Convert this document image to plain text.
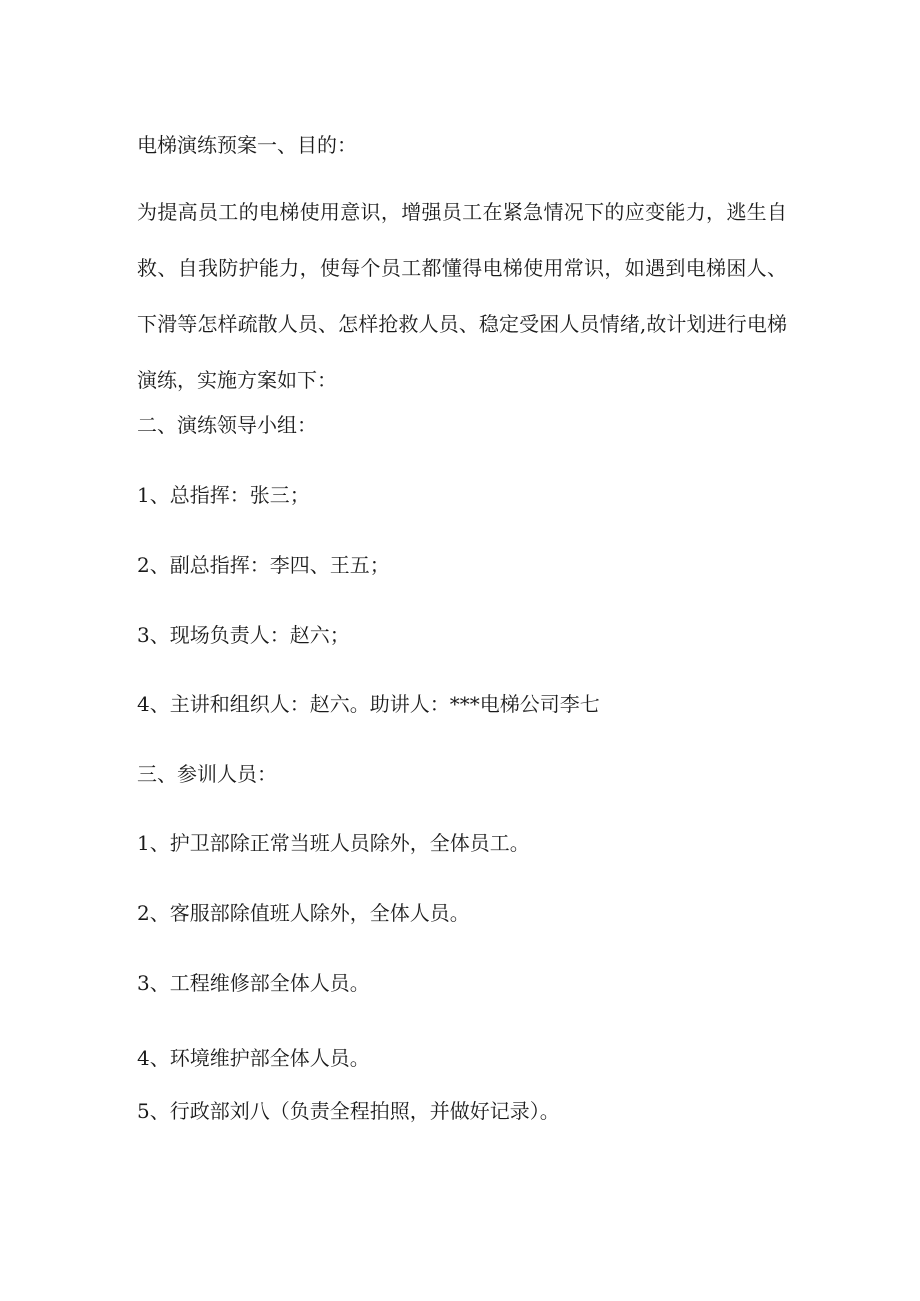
电梯演练预案一、目的：
为提高员工的电梯使用意识，增强员工在紧急情况下的应变能力，逃生自救、自我防护能力，使每个员工都懂得电梯使用常识，如遇到电梯困人、下滑等怎样疏散人员、怎样抢救人员、稳定受困人员情绪,故计划进行电梯演练，实施方案如下：
二、演练领导小组：
1、总指挥：张三；
2、副总指挥：李四、王五；
3、现场负责人：赵六；
4、主讲和组织人：赵六。助讲人：***电梯公司李七
三、参训人员：
1、护卫部除正常当班人员除外，全体员工。
2、客服部除值班人除外，全体人员。
3、工程维修部全体人员。
4、环境维护部全体人员。
5、行政部刘八（负责全程拍照，并做好记录）。
